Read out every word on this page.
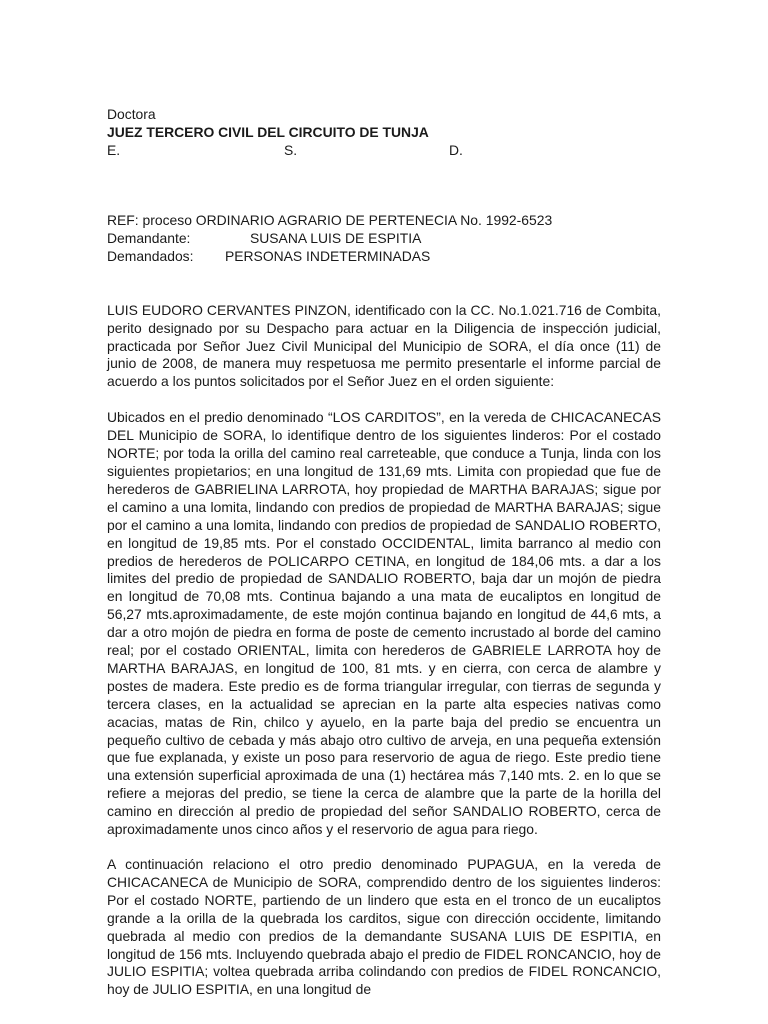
Doctora
JUEZ TERCERO CIVIL DEL CIRCUITO DE TUNJA
E.	S.	D.
REF: proceso ORDINARIO AGRARIO DE PERTENECIA No. 1992-6523
Demandante:	SUSANA LUIS DE ESPITIA
Demandados: PERSONAS INDETERMINADAS

LUIS EUDORO CERVANTES PINZON, identificado con la CC. No.1.021.716 de Combita, perito designado por su Despacho para actuar en la Diligencia de inspección judicial, practicada por Señor Juez Civil Municipal del Municipio de SORA, el día once (11) de junio de 2008, de manera muy respetuosa me permito presentarle el informe parcial de acuerdo a los puntos solicitados por el Señor Juez en el orden siguiente:

Ubicados en el predio denominado “LOS CARDITOS”, en la vereda de CHICACANECAS DEL Municipio de SORA, lo identifique dentro de los siguientes linderos: Por el costado NORTE; por toda la orilla del camino real carreteable, que conduce a Tunja, linda con los siguientes propietarios; en una longitud de 131,69 mts. Limita con propiedad que fue de herederos de GABRIELINA LARROTA, hoy propiedad de MARTHA BARAJAS; sigue por el camino a una lomita, lindando con predios de propiedad de MARTHA BARAJAS; sigue por el camino a una lomita, lindando con predios de propiedad de SANDALIO ROBERTO, en longitud de 19,85 mts. Por el constado OCCIDENTAL, limita barranco al medio con predios de herederos de POLICARPO CETINA, en longitud de 184,06 mts. a dar a los limites del predio de propiedad de SANDALIO ROBERTO, baja dar un mojón de piedra en longitud de 70,08 mts. Continua bajando a una mata de eucaliptos en longitud de 56,27 mts.aproximadamente, de este mojón continua bajando en longitud de 44,6 mts, a dar a otro mojón de piedra en forma de poste de cemento incrustado al borde del camino real; por el costado ORIENTAL, limita con herederos de GABRIELE LARROTA hoy de MARTHA BARAJAS, en longitud de 100, 81 mts. y en cierra, con cerca de alambre y postes de madera. Este predio es de forma triangular irregular, con tierras de segunda y tercera clases, en la actualidad se aprecian en la parte alta especies nativas como acacias, matas de Rin, chilco y ayuelo, en la parte baja del predio se encuentra un pequeño cultivo de cebada y más abajo otro cultivo de arveja, en una pequeña extensión que fue explanada, y existe un poso para reservorio de agua de riego. Este predio tiene una extensión superficial aproximada de una (1) hectárea más 7,140 mts. 2. en lo que se refiere a mejoras del predio, se tiene la cerca de alambre que la parte de la horilla del camino en dirección al predio de propiedad del señor SANDALIO ROBERTO, cerca de aproximadamente unos cinco años y el reservorio de agua para riego.

A continuación relaciono el otro predio denominado PUPAGUA, en la vereda de CHICACANECA de Municipio de SORA, comprendido dentro de los siguientes linderos: Por el costado NORTE, partiendo de un lindero que esta en el tronco de un eucaliptos grande a la orilla de la quebrada los carditos, sigue con dirección occidente, limitando quebrada al medio con predios de la demandante SUSANA LUIS DE ESPITIA, en longitud de 156 mts. Incluyendo quebrada abajo el predio de FIDEL RONCANCIO, hoy de JULIO ESPITIA; voltea quebrada arriba colindando con predios de FIDEL RONCANCIO, hoy de JULIO ESPITIA, en una longitud de
